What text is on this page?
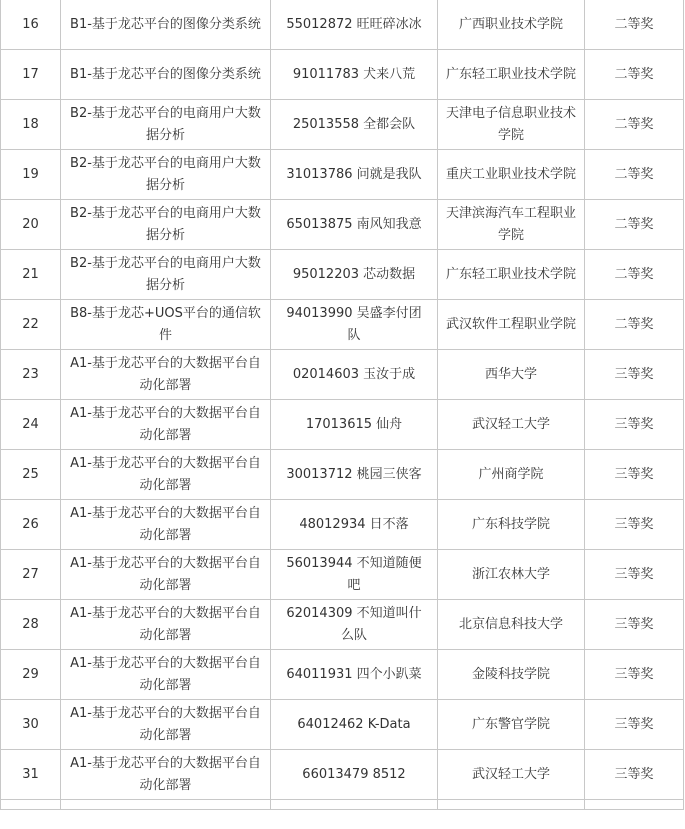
16	B1-基于龙芯平台的图像分类系统	55012872 旺旺碎冰冰	广西职业技术学院	二等奖
17	B1-基于龙芯平台的图像分类系统	91011783 犬来八荒	广东轻工职业技术学院	二等奖
18	B2-基于龙芯平台的电商用户大数据分析	25013558 全都会队	天津电子信息职业技术学院	二等奖
19	B2-基于龙芯平台的电商用户大数据分析	31013786 问就是我队	重庆工业职业技术学院	二等奖
20	B2-基于龙芯平台的电商用户大数据分析	65013875 南风知我意	天津滨海汽车工程职业学院	二等奖
21	B2-基于龙芯平台的电商用户大数据分析	95012203 芯动数据	广东轻工职业技术学院	二等奖
22	B8-基于龙芯+UOS平台的通信软件	94013990 吴盛李付团队	武汉软件工程职业学院	二等奖
23	A1-基于龙芯平台的大数据平台自动化部署	02014603 玉汝于成	西华大学	三等奖
24	A1-基于龙芯平台的大数据平台自动化部署	17013615 仙舟	武汉轻工大学	三等奖
25	A1-基于龙芯平台的大数据平台自动化部署	30013712 桃园三侠客	广州商学院	三等奖
26	A1-基于龙芯平台的大数据平台自动化部署	48012934 日不落	广东科技学院	三等奖
27	A1-基于龙芯平台的大数据平台自动化部署	56013944 不知道随便吧	浙江农林大学	三等奖
28	A1-基于龙芯平台的大数据平台自动化部署	62014309 不知道叫什么队	北京信息科技大学	三等奖
29	A1-基于龙芯平台的大数据平台自动化部署	64011931 四个小趴菜	金陵科技学院	三等奖
30	A1-基于龙芯平台的大数据平台自动化部署	64012462 K-Data	广东警官学院	三等奖
31	A1-基于龙芯平台的大数据平台自动化部署	66013479 8512	武汉轻工大学	三等奖
